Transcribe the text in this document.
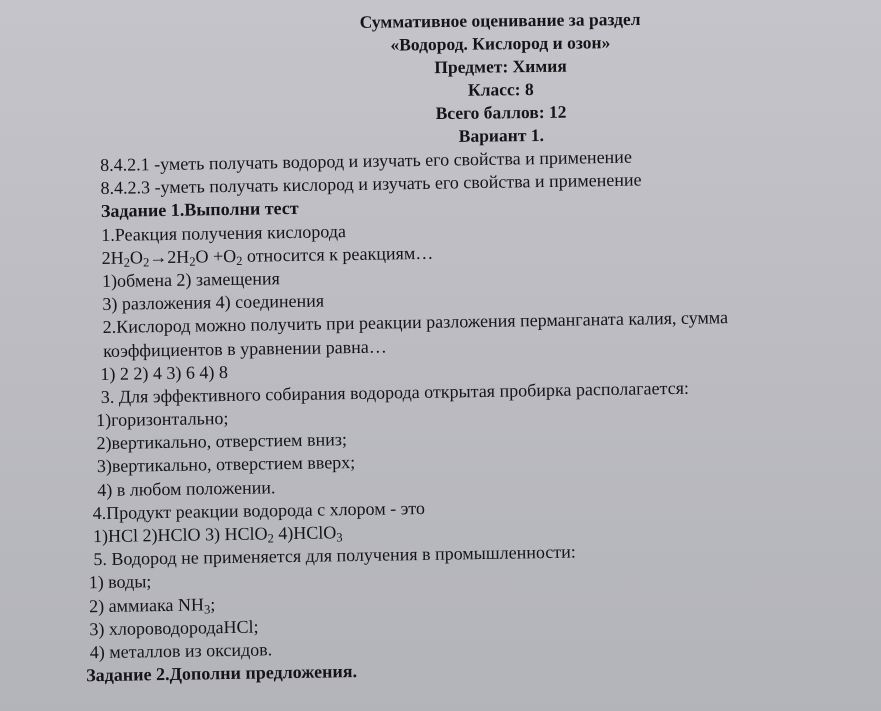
Суммативное оценивание за раздел
«Водород. Кислород и озон»
Предмет: Химия
Класс: 8
Всего баллов: 12
Вариант 1.
8.4.2.1 -уметь получать водород и изучать его свойства и применение
8.4.2.3 -уметь получать кислород и изучать его свойства и применение
Задание 1.Выполни тест
1.Реакция получения кислорода
$2H_2O_2\to 2H_2O +O_2$ относится к реакциям…
1)обмена 2) замещения
3) разложения 4) соединения
2.Кислород можно получить при реакции разложения перманганата калия, сумма
коэффициентов в уравнении равна…
1) 2 2) 4 3) 6 4) 8
3. Для эффективного собирания водорода открытая пробирка располагается:
1)горизонтально;
2)вертикально, отверстием вниз;
3)вертикально, отверстием вверх;
4) в любом положении.
4.Продукт реакции водорода с хлором - это
1)HCl 2)HClO 3) HClO$_2$ 4)HClO$_3$
5. Водород не применяется для получения в промышленности:
1) воды;
2) аммиака $NH_3$;
3) хлороводородаHCl;
4) металлов из оксидов.
Задание 2.Дополни предложения.
